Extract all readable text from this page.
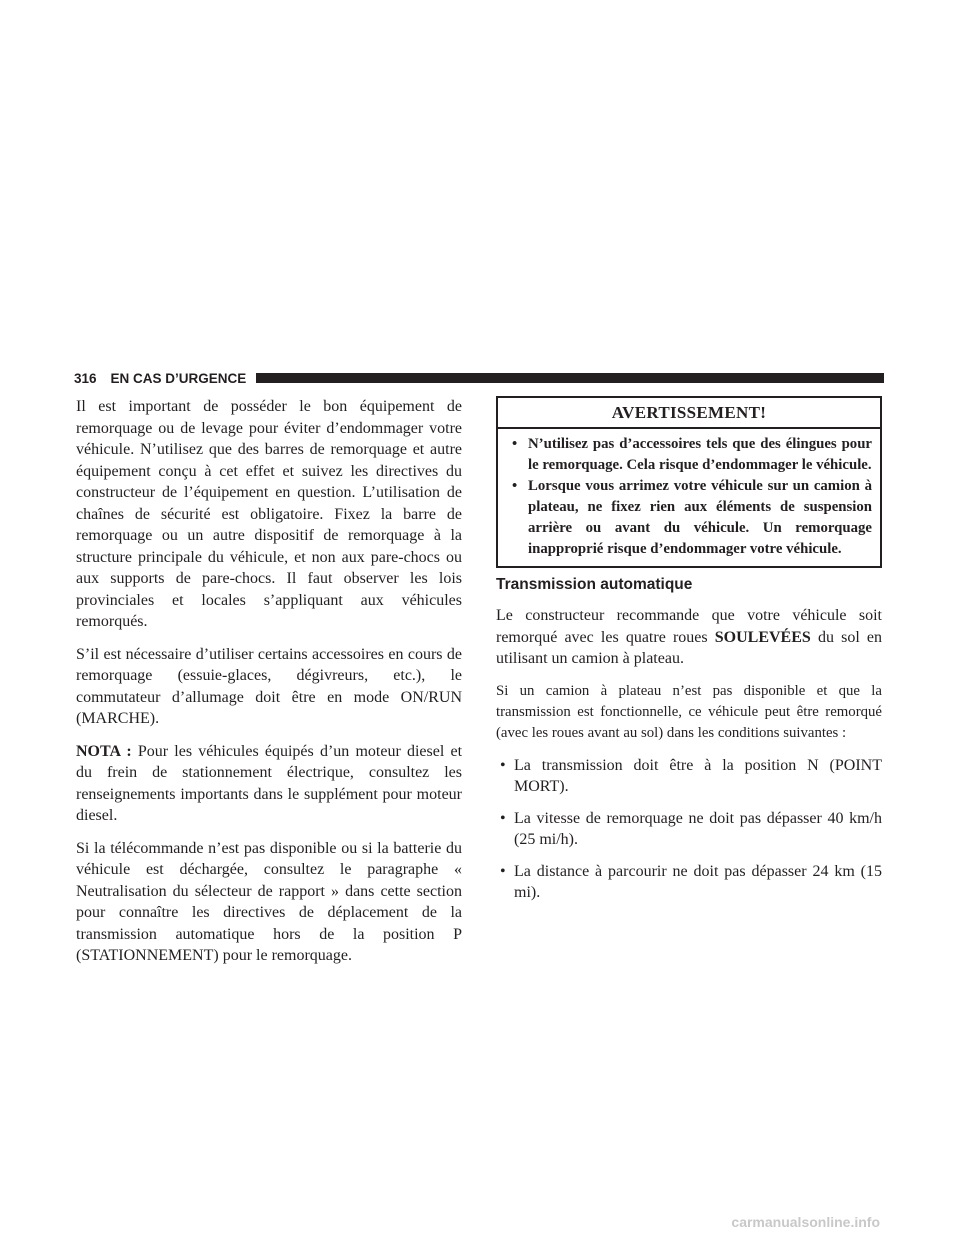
316 EN CAS D’URGENCE

Il est important de posséder le bon équipement de remorquage ou de levage pour éviter d’endommager votre véhicule. N’utilisez que des barres de remorquage et autre équipement conçu à cet effet et suivez les directives du constructeur de l’équipement en question. L’utilisation de chaînes de sécurité est obligatoire. Fixez la barre de remorquage ou un autre dispositif de remorquage à la structure principale du véhicule, et non aux pare-chocs ou aux supports de pare-chocs. Il faut observer les lois provinciales et locales s’appliquant aux véhicules remorqués.

S’il est nécessaire d’utiliser certains accessoires en cours de remorquage (essuie-glaces, dégivreurs, etc.), le commutateur d’allumage doit être en mode ON/RUN (MARCHE).

NOTA : Pour les véhicules équipés d’un moteur diesel et du frein de stationnement électrique, consultez les renseignements importants dans le supplément pour moteur diesel.

Si la télécommande n’est pas disponible ou si la batterie du véhicule est déchargée, consultez le paragraphe « Neutralisation du sélecteur de rapport » dans cette section pour connaître les directives de déplacement de la transmission automatique hors de la position P (STATIONNEMENT) pour le remorquage.

AVERTISSEMENT!
• N’utilisez pas d’accessoires tels que des élingues pour le remorquage. Cela risque d’endommager le véhicule.
• Lorsque vous arrimez votre véhicule sur un camion à plateau, ne fixez rien aux éléments de suspension arrière ou avant du véhicule. Un remorquage inapproprié risque d’endommager votre véhicule.
Transmission automatique

Le constructeur recommande que votre véhicule soit remorqué avec les quatre roues SOULEVÉES du sol en utilisant un camion à plateau.

Si un camion à plateau n’est pas disponible et que la transmission est fonctionnelle, ce véhicule peut être remorqué (avec les roues avant au sol) dans les conditions suivantes :

• La transmission doit être à la position N (POINT MORT).
• La vitesse de remorquage ne doit pas dépasser 40 km/h (25 mi/h).
• La distance à parcourir ne doit pas dépasser 24 km (15 mi).
carmanualsonline.info
